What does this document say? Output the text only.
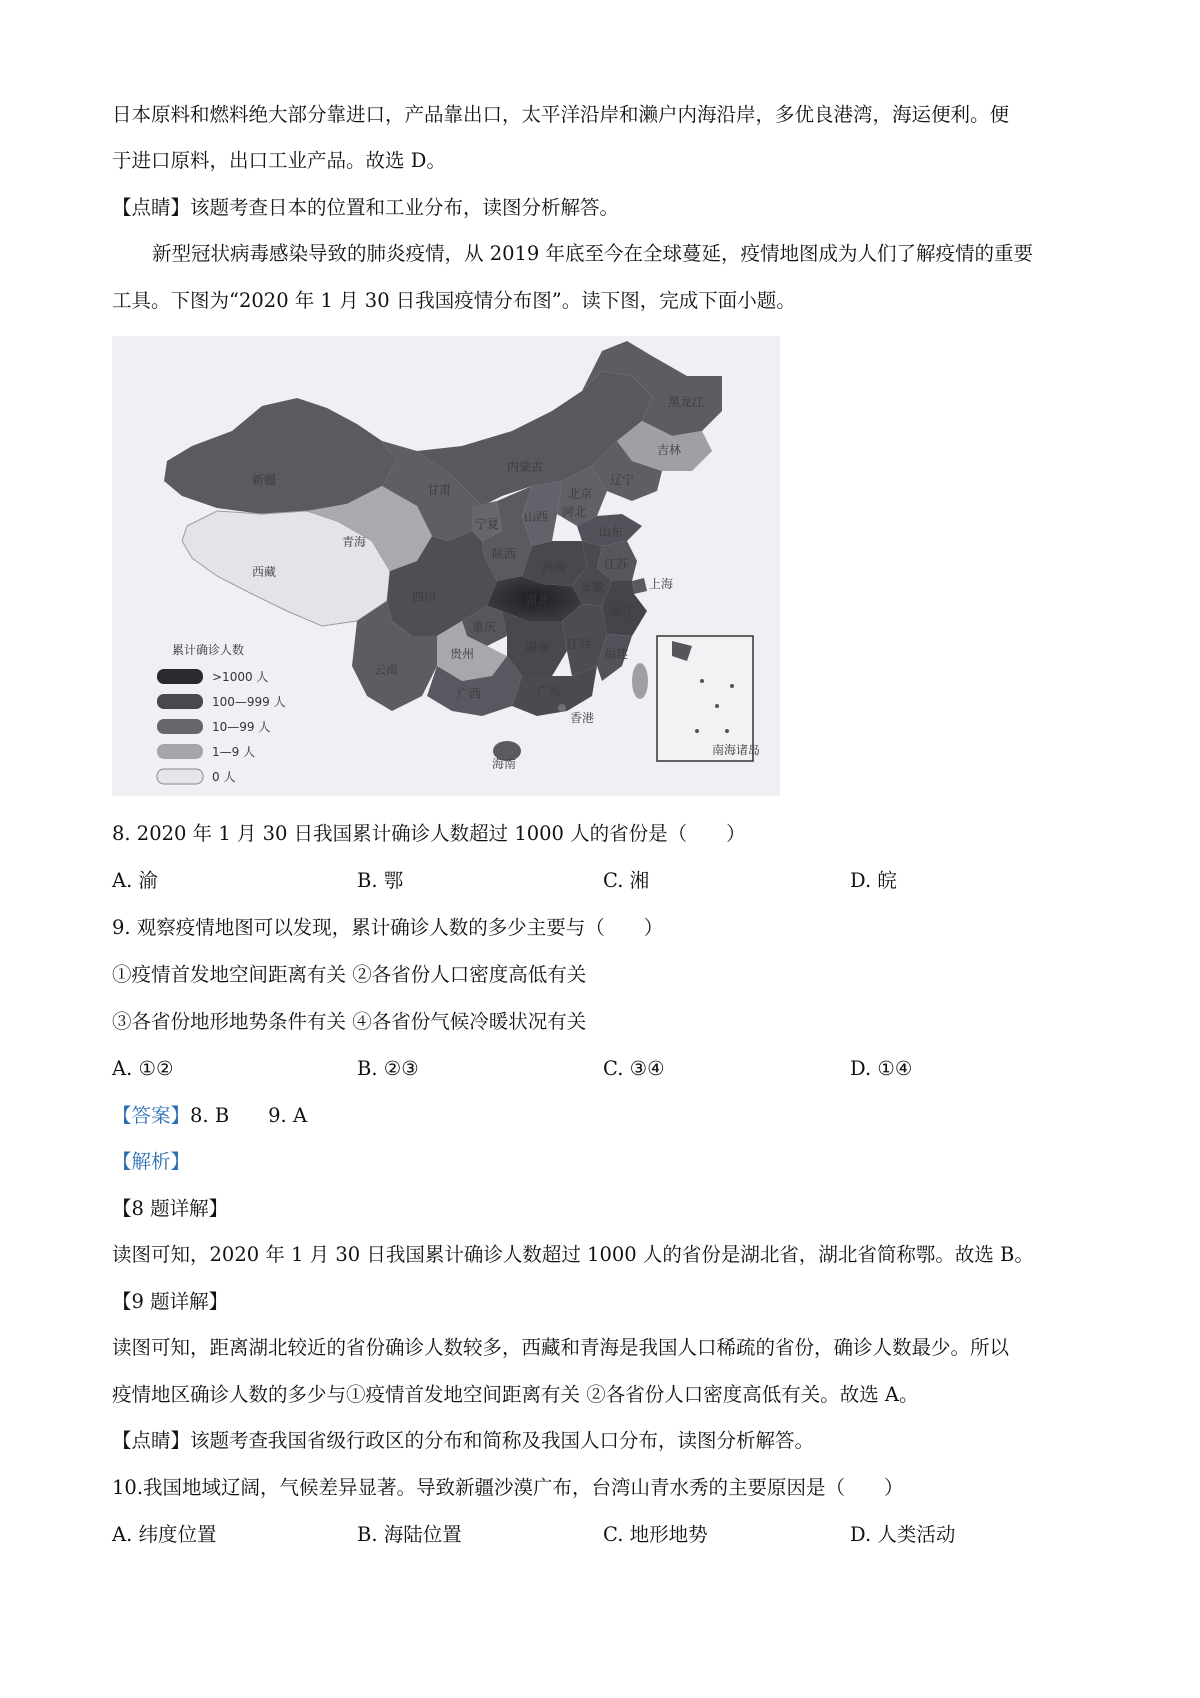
日本原料和燃料绝大部分靠进口，产品靠出口，太平洋沿岸和濑户内海沿岸，多优良港湾，海运便利。便
于进口原料，出口工业产品。故选 D。
【点睛】该题考查日本的位置和工业分布，读图分析解答。
新型冠状病毒感染导致的肺炎疫情，从 2019 年底至今在全球蔓延，疫情地图成为人们了解疫情的重要
工具。下图为“2020 年 1 月 30 日我国疫情分布图”。读下图，完成下面小题。
新疆
西藏
青海
甘肃
内蒙古
宁夏 山西
陕西
四川
重庆
湖北
河南
山东
安徽
江苏
上海
浙江
江西
湖南
贵州
云南
广西	广东
福建
海南
香港
黑龙江
吉林
辽宁
北京
河北
累计确诊人数
>1000 人
100—999 人
10—99 人
1—9 人
0 人
南海诸岛
8. 2020 年 1 月 30 日我国累计确诊人数超过 1000 人的省份是（　　）
A. 渝	B. 鄂	C. 湘	D. 皖
9. 观察疫情地图可以发现，累计确诊人数的多少主要与（　　）
①疫情首发地空间距离有关 ②各省份人口密度高低有关
③各省份地形地势条件有关 ④各省份气候冷暖状况有关
A. ①②	B. ②③	C. ③④	D. ①④
【答案】8. B　　9. A
【解析】
【8 题详解】
读图可知，2020 年 1 月 30 日我国累计确诊人数超过 1000 人的省份是湖北省，湖北省简称鄂。故选 B。
【9 题详解】
读图可知，距离湖北较近的省份确诊人数较多，西藏和青海是我国人口稀疏的省份，确诊人数最少。所以
疫情地区确诊人数的多少与①疫情首发地空间距离有关 ②各省份人口密度高低有关。故选 A。
【点睛】该题考查我国省级行政区的分布和简称及我国人口分布，读图分析解答。
10.我国地域辽阔，气候差异显著。导致新疆沙漠广布，台湾山青水秀的主要原因是（　　）
A. 纬度位置	B. 海陆位置	C. 地形地势	D. 人类活动
